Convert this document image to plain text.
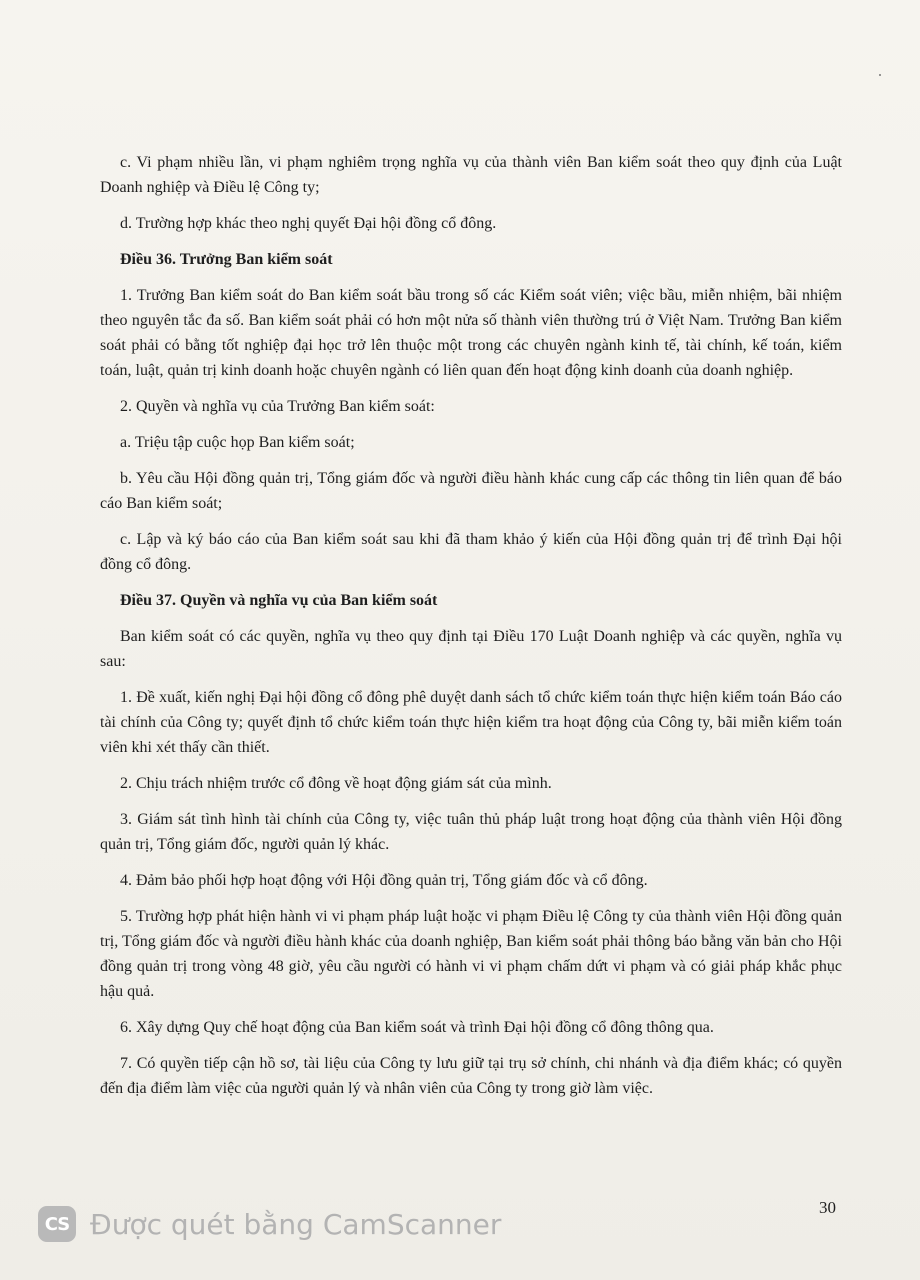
c. Vi phạm nhiều lần, vi phạm nghiêm trọng nghĩa vụ của thành viên Ban kiểm soát theo quy định của Luật Doanh nghiệp và Điều lệ Công ty;

d. Trường hợp khác theo nghị quyết Đại hội đồng cổ đông.

Điều 36. Trưởng Ban kiểm soát

1. Trưởng Ban kiểm soát do Ban kiểm soát bầu trong số các Kiểm soát viên; việc bầu, miễn nhiệm, bãi nhiệm theo nguyên tắc đa số. Ban kiểm soát phải có hơn một nửa số thành viên thường trú ở Việt Nam. Trưởng Ban kiểm soát phải có bằng tốt nghiệp đại học trở lên thuộc một trong các chuyên ngành kinh tế, tài chính, kế toán, kiểm toán, luật, quản trị kinh doanh hoặc chuyên ngành có liên quan đến hoạt động kinh doanh của doanh nghiệp.

2. Quyền và nghĩa vụ của Trưởng Ban kiểm soát:

a. Triệu tập cuộc họp Ban kiểm soát;

b. Yêu cầu Hội đồng quản trị, Tổng giám đốc và người điều hành khác cung cấp các thông tin liên quan để báo cáo Ban kiểm soát;

c. Lập và ký báo cáo của Ban kiểm soát sau khi đã tham khảo ý kiến của Hội đồng quản trị để trình Đại hội đồng cổ đông.

Điều 37. Quyền và nghĩa vụ của Ban kiểm soát

Ban kiểm soát có các quyền, nghĩa vụ theo quy định tại Điều 170 Luật Doanh nghiệp và các quyền, nghĩa vụ sau:

1. Đề xuất, kiến nghị Đại hội đồng cổ đông phê duyệt danh sách tổ chức kiểm toán thực hiện kiểm toán Báo cáo tài chính của Công ty; quyết định tổ chức kiểm toán thực hiện kiểm tra hoạt động của Công ty, bãi miễn kiểm toán viên khi xét thấy cần thiết.

2. Chịu trách nhiệm trước cổ đông về hoạt động giám sát của mình.

3. Giám sát tình hình tài chính của Công ty, việc tuân thủ pháp luật trong hoạt động của thành viên Hội đồng quản trị, Tổng giám đốc, người quản lý khác.

4. Đảm bảo phối hợp hoạt động với Hội đồng quản trị, Tổng giám đốc và cổ đông.

5. Trường hợp phát hiện hành vi vi phạm pháp luật hoặc vi phạm Điều lệ Công ty của thành viên Hội đồng quản trị, Tổng giám đốc và người điều hành khác của doanh nghiệp, Ban kiểm soát phải thông báo bằng văn bản cho Hội đồng quản trị trong vòng 48 giờ, yêu cầu người có hành vi vi phạm chấm dứt vi phạm và có giải pháp khắc phục hậu quả.

6. Xây dựng Quy chế hoạt động của Ban kiểm soát và trình Đại hội đồng cổ đông thông qua.

7. Có quyền tiếp cận hồ sơ, tài liệu của Công ty lưu giữ tại trụ sở chính, chi nhánh và địa điểm khác; có quyền đến địa điểm làm việc của người quản lý và nhân viên của Công ty trong giờ làm việc.

30
CS Được quét bằng CamScanner
